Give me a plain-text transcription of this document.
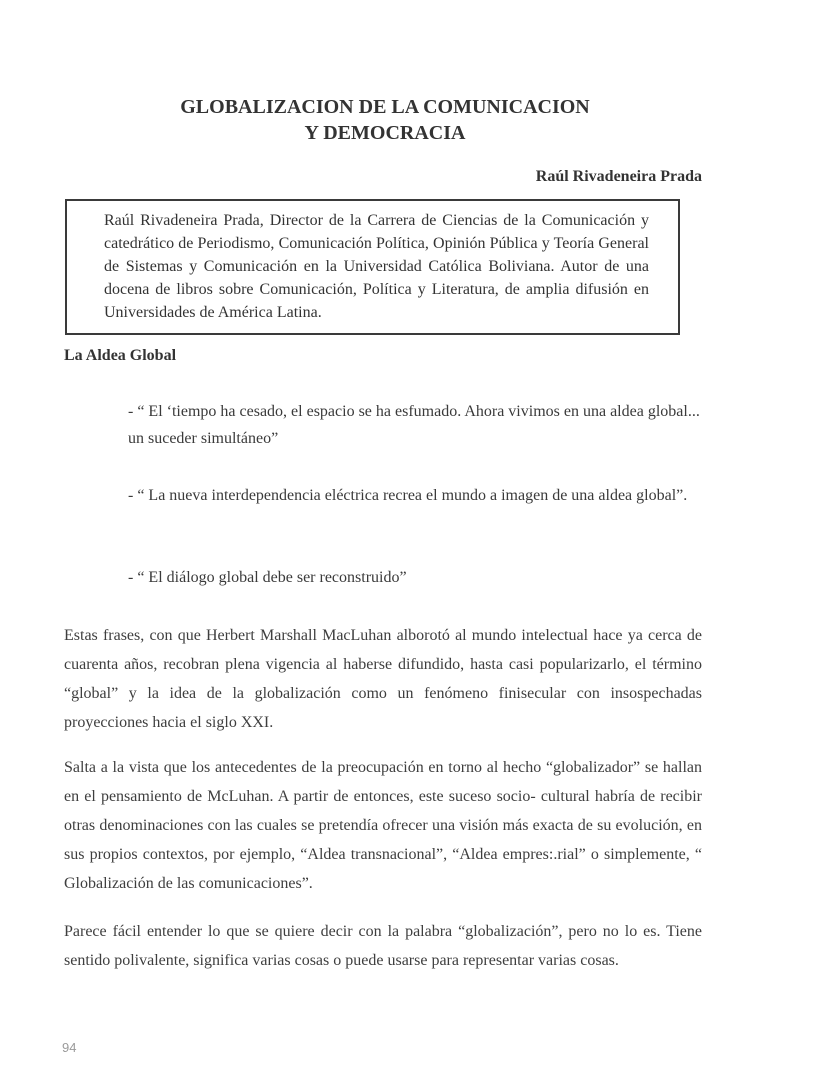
GLOBALIZACION DE LA COMUNICACION
Y DEMOCRACIA
Raúl Rivadeneira Prada
Raúl Rivadeneira Prada, Director de la Carrera de Ciencias de la Comunicación y catedrático de Periodismo, Comunicación Política, Opinión Pública y Teoría General de Sistemas y Comunicación en la Universidad Católica Boliviana. Autor de una docena de libros sobre Comunicación, Política y Literatura, de amplia difusión en Universidades de América Latina.
La Aldea Global
- “ El ‘tiempo ha cesado, el espacio se ha esfumado. Ahora vivimos en una aldea global... un suceder simultáneo”
- “ La nueva interdependencia eléctrica recrea el mundo a imagen de una aldea global”.
- “ El diálogo global debe ser reconstruido”
Estas frases, con que Herbert Marshall MacLuhan alborotó al mundo intelectual hace ya cerca de cuarenta años, recobran plena vigencia al haberse difundido, hasta casi popularizarlo, el término “global” y la idea de la globalización como un fenómeno finisecular con insospechadas proyecciones hacia el siglo XXI.
Salta a la vista que los antecedentes de la preocupación en torno al hecho “globalizador” se hallan en el pensamiento de McLuhan. A partir de entonces, este suceso socio- cultural habría de recibir otras denominaciones con las cuales se pretendía ofrecer una visión más exacta de su evolución, en sus propios contextos, por ejemplo, “Aldea transnacional”, “Aldea empres:.rial” o simplemente, “ Globalización de las comunicaciones”.
Parece fácil entender lo que se quiere decir con la palabra “globalización”, pero no lo es. Tiene sentido polivalente, significa varias cosas o puede usarse para representar varias cosas.
94
